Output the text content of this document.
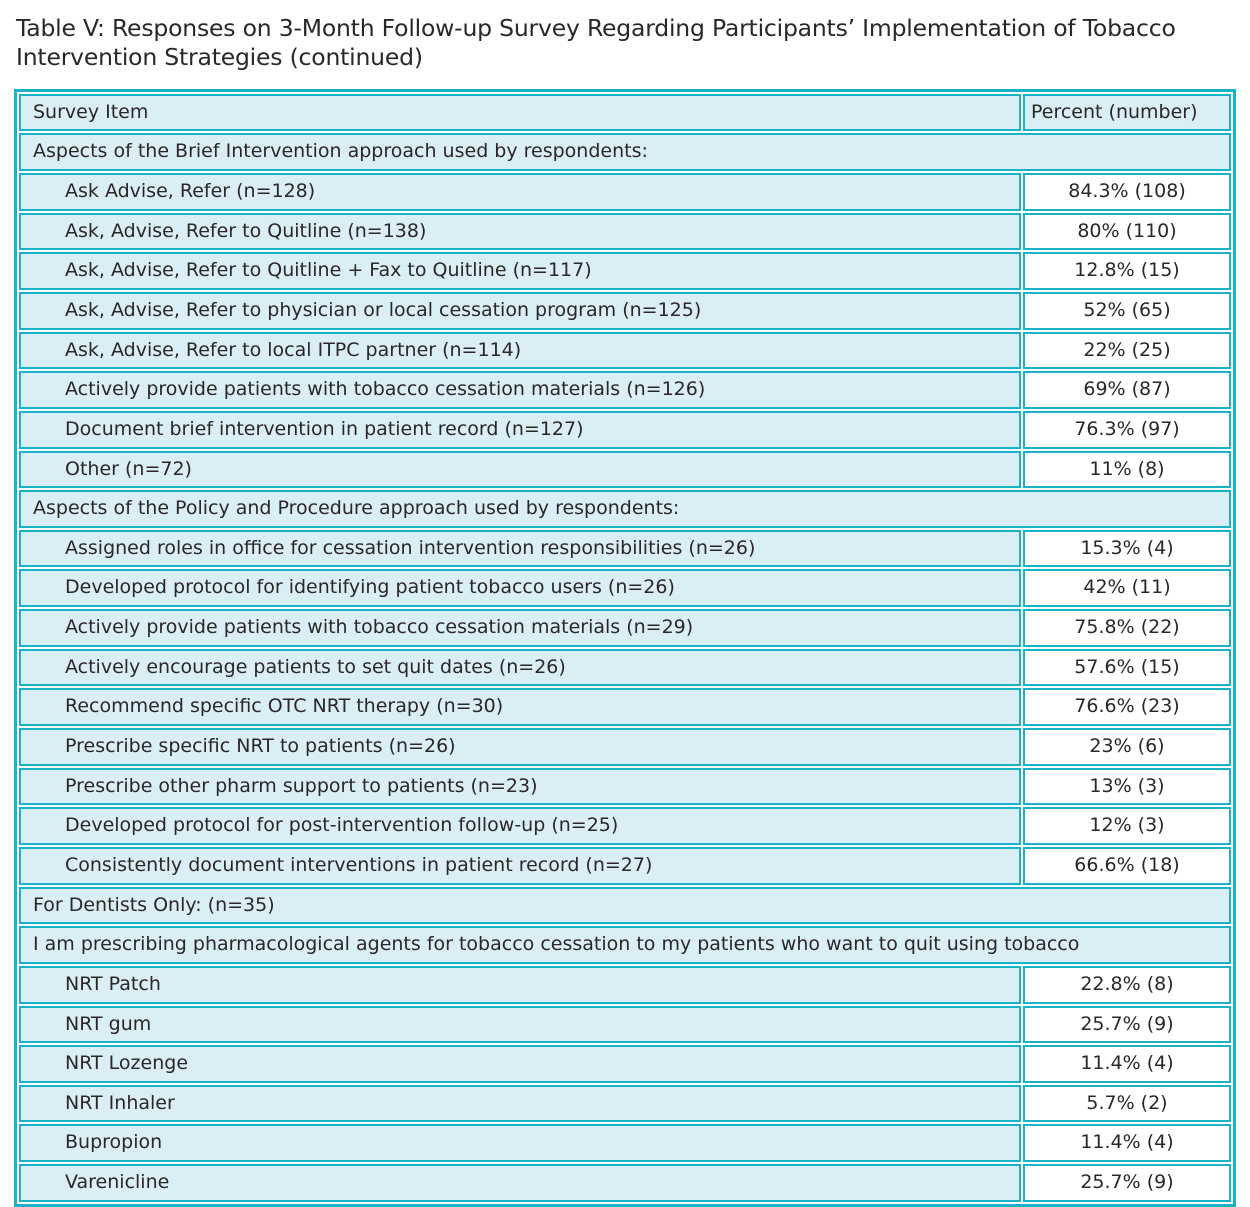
Table V: Responses on 3-Month Follow-up Survey Regarding Participants’ Implementation of Tobacco Intervention Strategies (continued)
Survey Item	Percent (number)
Aspects of the Brief Intervention approach used by respondents:	
Ask Advise, Refer (n=128)	84.3% (108)
Ask, Advise, Refer to Quitline (n=138)	80% (110)
Ask, Advise, Refer to Quitline + Fax to Quitline (n=117)	12.8% (15)
Ask, Advise, Refer to physician or local cessation program (n=125)	52% (65)
Ask, Advise, Refer to local ITPC partner (n=114)	22% (25)
Actively provide patients with tobacco cessation materials (n=126)	69% (87)
Document brief intervention in patient record (n=127)	76.3% (97)
Other (n=72)	11% (8)
Aspects of the Policy and Procedure approach used by respondents:	
Assigned roles in office for cessation intervention responsibilities (n=26)	15.3% (4)
Developed protocol for identifying patient tobacco users (n=26)	42% (11)
Actively provide patients with tobacco cessation materials (n=29)	75.8% (22)
Actively encourage patients to set quit dates (n=26)	57.6% (15)
Recommend specific OTC NRT therapy (n=30)	76.6% (23)
Prescribe specific NRT to patients (n=26)	23% (6)
Prescribe other pharm support to patients (n=23)	13% (3)
Developed protocol for post-intervention follow-up (n=25)	12% (3)
Consistently document interventions in patient record (n=27)	66.6% (18)
For Dentists Only: (n=35)	
I am prescribing pharmacological agents for tobacco cessation to my patients who want to quit using tobacco	
NRT Patch	22.8% (8)
NRT gum	25.7% (9)
NRT Lozenge	11.4% (4)
NRT Inhaler	5.7% (2)
Bupropion	11.4% (4)
Varenicline	25.7% (9)
